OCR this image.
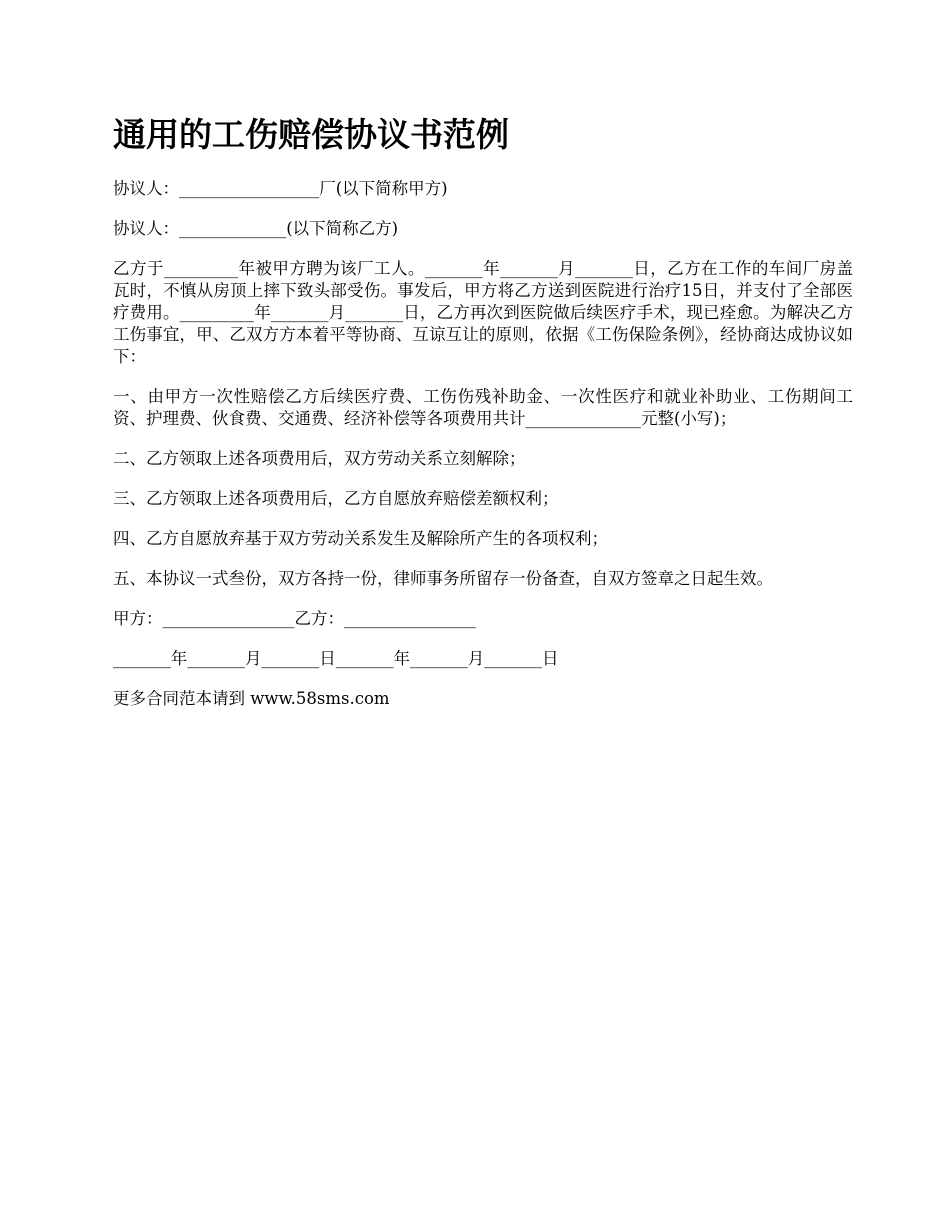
通用的工伤赔偿协议书范例

协议人：_________________厂(以下简称甲方)

协议人：_____________(以下简称乙方)

乙方于_________年被甲方聘为该厂工人。_______年_______月_______日，乙方在工作的车间厂房盖瓦时，不慎从房顶上摔下致头部受伤。事发后，甲方将乙方送到医院进行治疗15日，并支付了全部医疗费用。_________年_______月_______日，乙方再次到医院做后续医疗手术，现已痊愈。为解决乙方工伤事宜，甲、乙双方方本着平等协商、互谅互让的原则，依据《工伤保险条例》，经协商达成协议如下：

一、由甲方一次性赔偿乙方后续医疗费、工伤伤残补助金、一次性医疗和就业补助业、工伤期间工资、护理费、伙食费、交通费、经济补偿等各项费用共计______________元整(小写)；

二、乙方领取上述各项费用后，双方劳动关系立刻解除；

三、乙方领取上述各项费用后，乙方自愿放弃赔偿差额权利；

四、乙方自愿放弃基于双方劳动关系发生及解除所产生的各项权利；

五、本协议一式叁份，双方各持一份，律师事务所留存一份备查，自双方签章之日起生效。

甲方：________________乙方：________________

_______年_______月_______日_______年_______月_______日

更多合同范本请到 www.58sms.com
